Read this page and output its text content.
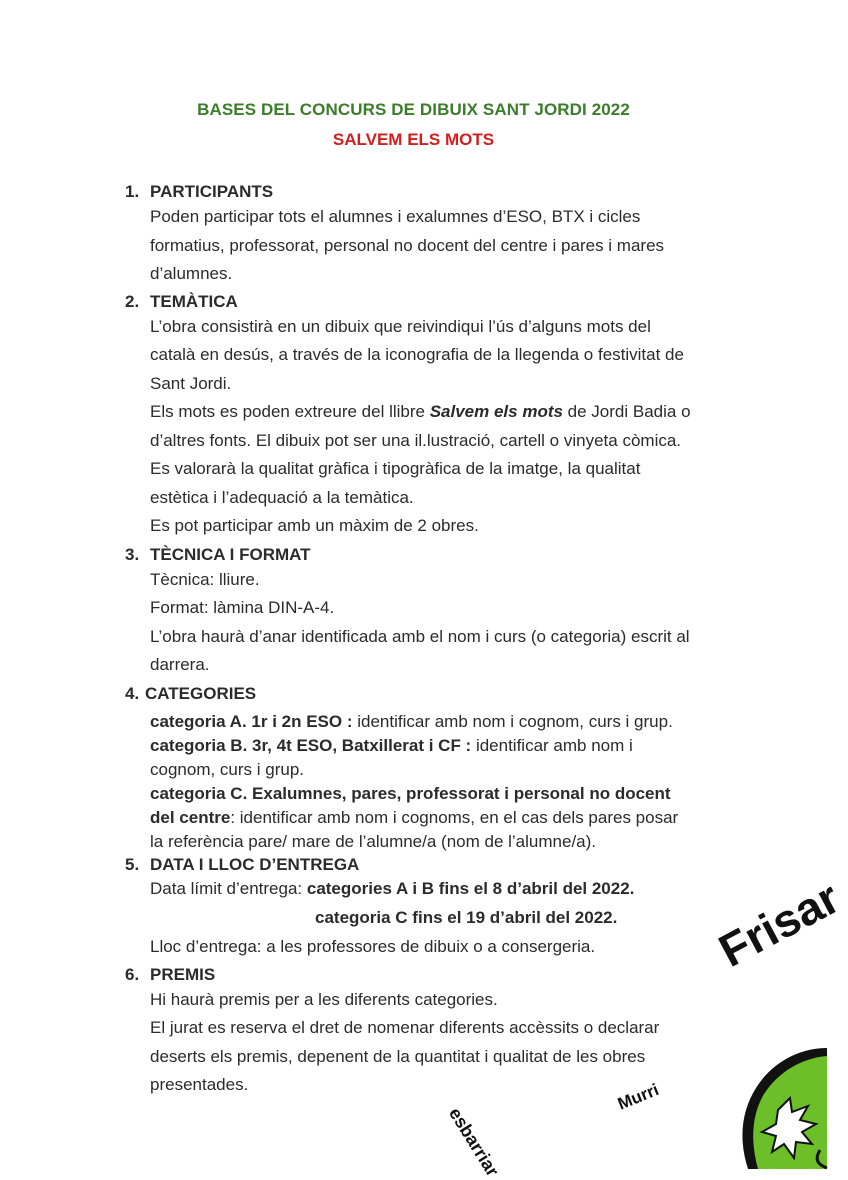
BASES DEL CONCURS DE DIBUIX SANT JORDI 2022
SALVEM ELS MOTS
1. PARTICIPANTS
Poden participar tots el alumnes i exalumnes d’ESO, BTX i cicles
formatius, professorat, personal no docent del centre i pares i mares
d’alumnes.
2. TEMÀTICA
L’obra consistirà en un dibuix que reivindiqui l’ús d’alguns mots del
català en desús, a través de la iconografia de la llegenda o festivitat de
Sant Jordi.
Els mots es poden extreure del llibre Salvem els mots de Jordi Badia o
d’altres fonts. El dibuix pot ser una il.lustració, cartell o vinyeta còmica.
Es valorarà la qualitat gràfica i tipogràfica de la imatge, la qualitat
estètica i l’adequació a la temàtica.
Es pot participar amb un màxim de 2 obres.
3. TÈCNICA I FORMAT
Tècnica: lliure.
Format: làmina DIN-A-4.
L’obra haurà d’anar identificada amb el nom i curs (o categoria) escrit al
darrera.
4. CATEGORIES
categoria A. 1r i 2n ESO : identificar amb nom i cognom, curs i grup.
categoria B. 3r, 4t ESO, Batxillerat i CF : identificar amb nom i
cognom, curs i grup.
categoria C. Exalumnes, pares, professorat i personal no docent
del centre: identificar amb nom i cognoms, en el cas dels pares posar
la referència pare/ mare de l’alumne/a (nom de l’alumne/a).
5. DATA I LLOC D’ENTREGA
Data límit d’entrega: categories A i B fins el 8 d’abril del 2022.
categoria C fins el 19 d’abril del 2022.
Lloc d’entrega: a les professores de dibuix o a consergeria.
6. PREMIS
Hi haurà premis per a les diferents categories.
El jurat es reserva el dret de nomenar diferents accèssits o declarar
deserts els premis, depenent de la quantitat i qualitat de les obres
presentades.
Frisar
Murri
esbarriar
